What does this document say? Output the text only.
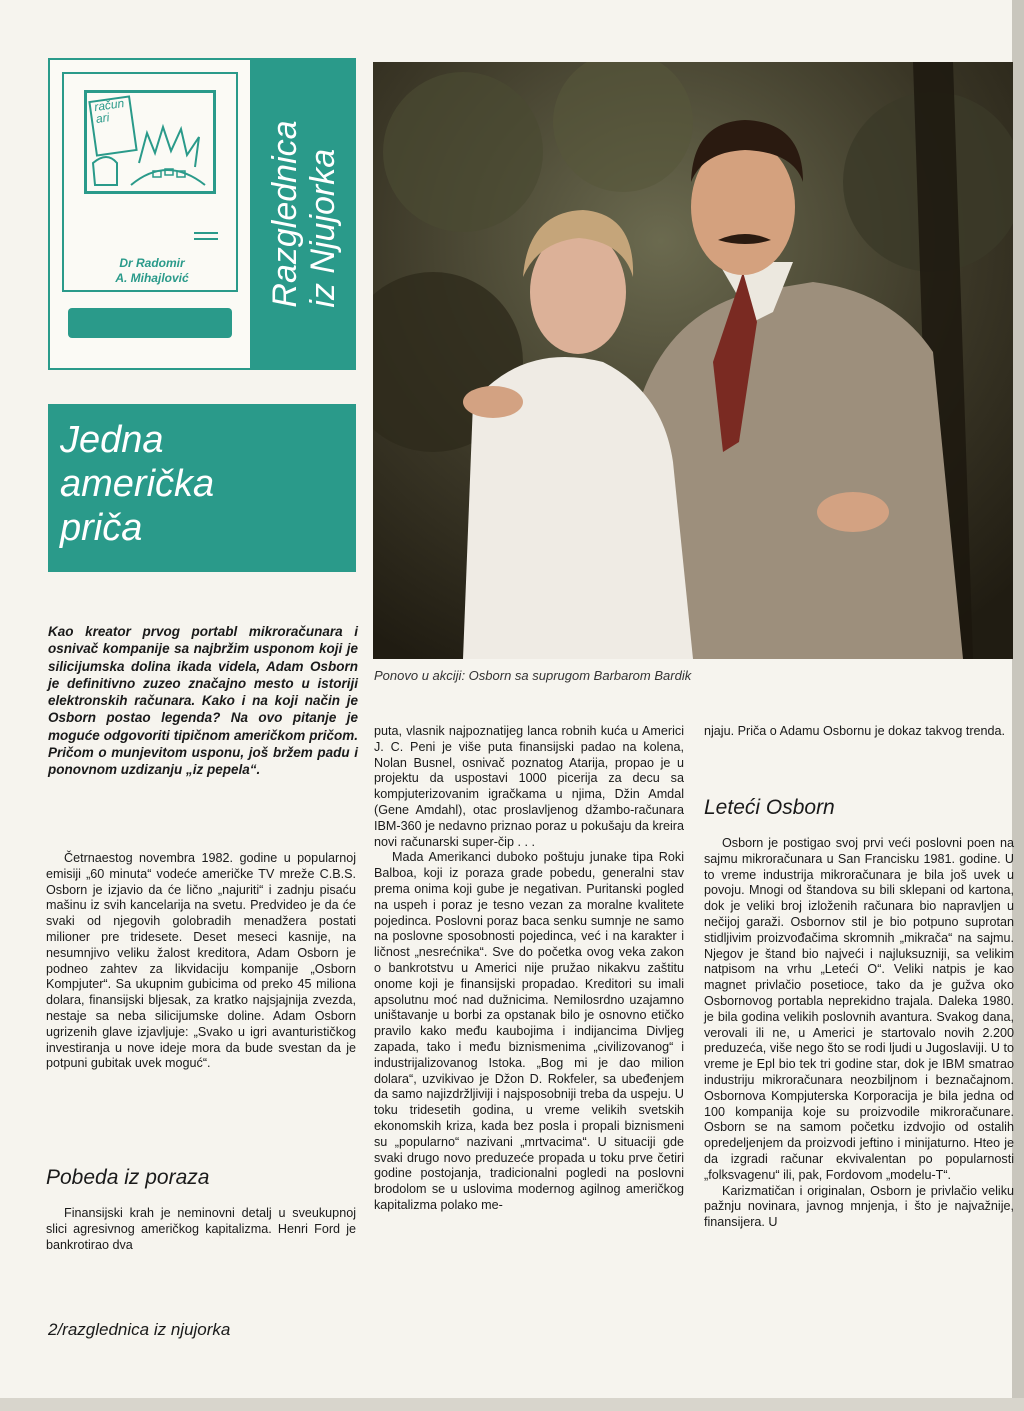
račun ari
Dr Radomir
A. Mihajlović	Razglednica iz Njujorka
Jedna
američka
priča
Ponovo u akciji: Osborn sa suprugom Barbarom Bardik
Kao kreator prvog portabl mikroračunara i osnivač kompanije sa najbržim usponom koji je silicijumska dolina ikada videla, Adam Osborn je definitivno zuzeo značajno mesto u istoriji elektronskih računara. Kako i na koji način je Osborn postao legenda? Na ovo pitanje je moguće odgovoriti tipičnom američkom pričom. Pričom o munjevitom usponu, još bržem padu i ponovnom uzdizanju „iz pepela“.

Četrnaestog novembra 1982. godine u popularnoj emisiji „60 minuta“ vodeće američke TV mreže C.B.S. Osborn je izjavio da će lično „najuriti“ i zadnju pisaću mašinu iz svih kancelarija na svetu. Predvideo je da će svaki od njegovih golobradih menadžera postati milioner pre tridesete. Deset meseci kasnije, na nesumnjivo veliku žalost kreditora, Adam Osborn je podneo zahtev za likvidaciju kompanije „Osborn Kompjuter“. Sa ukupnim gubicima od preko 45 miliona dolara, finansijski bljesak, za kratko najsjajnija zvezda, nestaje sa neba silicijumske doline. Adam Osborn ugrizenih glave izjavljuje: „Svako u igri avanturističkog investiranja u nove ideje mora da bude svestan da je potpuni gubitak uvek moguć“.

Pobeda iz poraza

Finansijski krah je neminovni detalj u sveukupnoj slici agresivnog američkog kapitalizma. Henri Ford je bankrotirao dva

puta, vlasnik najpoznatijeg lanca robnih kuća u Americi J. C. Peni je više puta finansijski padao na kolena, Nolan Busnel, osnivač poznatog Atarija, propao je u projektu da uspostavi 1000 picerija za decu sa kompjuterizovanim igračkama u njima, Džin Amdal (Gene Amdahl), otac proslavljenog džambo-računara IBM-360 je nedavno priznao poraz u pokušaju da kreira novi računarski super-čip . . .

Mada Amerikanci duboko poštuju junake tipa Roki Balboa, koji iz poraza grade pobedu, generalni stav prema onima koji gube je negativan. Puritanski pogled na uspeh i poraz je tesno vezan za moralne kvalitete pojedinca. Poslovni poraz baca senku sumnje ne samo na poslovne sposobnosti pojedinca, već i na karakter i ličnost „nesrećnika“. Sve do početka ovog veka zakon o bankrotstvu u Americi nije pružao nikakvu zaštitu onome koji je finansijski propadao. Kreditori su imali apsolutnu moć nad dužnicima. Nemilosrdno uzajamno uništavanje u borbi za opstanak bilo je osnovno etičko pravilo kako među kaubojima i indijancima Divljeg zapada, tako i među biznismenima „civilizovanog“ i industrijalizovanog Istoka. „Bog mi je dao milion dolara“, uzvikivao je Džon D. Rokfeler, sa ubeđenjem da samo najizdržljiviji i najsposobniji treba da uspeju. U toku tridesetih godina, u vreme velikih svetskih ekonomskih kriza, kada bez posla i propali biznismeni su „popularno“ nazivani „mrtvacima“. U situaciji gde svaki drugo novo preduzeće propada u toku prve četiri godine postojanja, tradicionalni pogledi na poslovni brodolom se u uslovima modernog agilnog američkog kapitalizma polako me-

njaju. Priča o Adamu Osbornu je dokaz takvog trenda.

Leteći Osborn

Osborn je postigao svoj prvi veći poslovni poen na sajmu mikroračunara u San Francisku 1981. godine. U to vreme industrija mikroračunara je bila još uvek u povoju. Mnogi od štandova su bili sklepani od kartona, dok je veliki broj izloženih računara bio napravljen u nečijoj garaži. Osbornov stil je bio potpuno suprotan stidljivim proizvođačima skromnih „mikrača“ na sajmu. Njegov je štand bio najveći i najluksuzniji, sa velikim natpisom na vrhu „Leteći O“. Veliki natpis je kao magnet privlačio posetioce, tako da je gužva oko Osbornovog portabla neprekidno trajala. Daleka 1980. je bila godina velikih poslovnih avantura. Svakog dana, verovali ili ne, u Americi je startovalo novih 2.200 preduzeća, više nego što se rodi ljudi u Jugoslaviji. U to vreme je Epl bio tek tri godine star, dok je IBM smatrao industriju mikroračunara neozbiljnom i beznačajnom. Osbornova Kompjuterska Korporacija je bila jedna od 100 kompanija koje su proizvodile mikroračunare. Osborn se na samom početku izdvojio od ostalih opredeljenjem da proizvodi jeftino i minijaturno. Hteo je da izgradi računar ekvivalentan po popularnosti „folksvagenu“ ili, pak, Fordovom „modelu-T“.

Karizmatičan i originalan, Osborn je privlačio veliku pažnju novinara, javnog mnjenja, i što je najvažnije, finansijera. U

2/razglednica iz njujorka
